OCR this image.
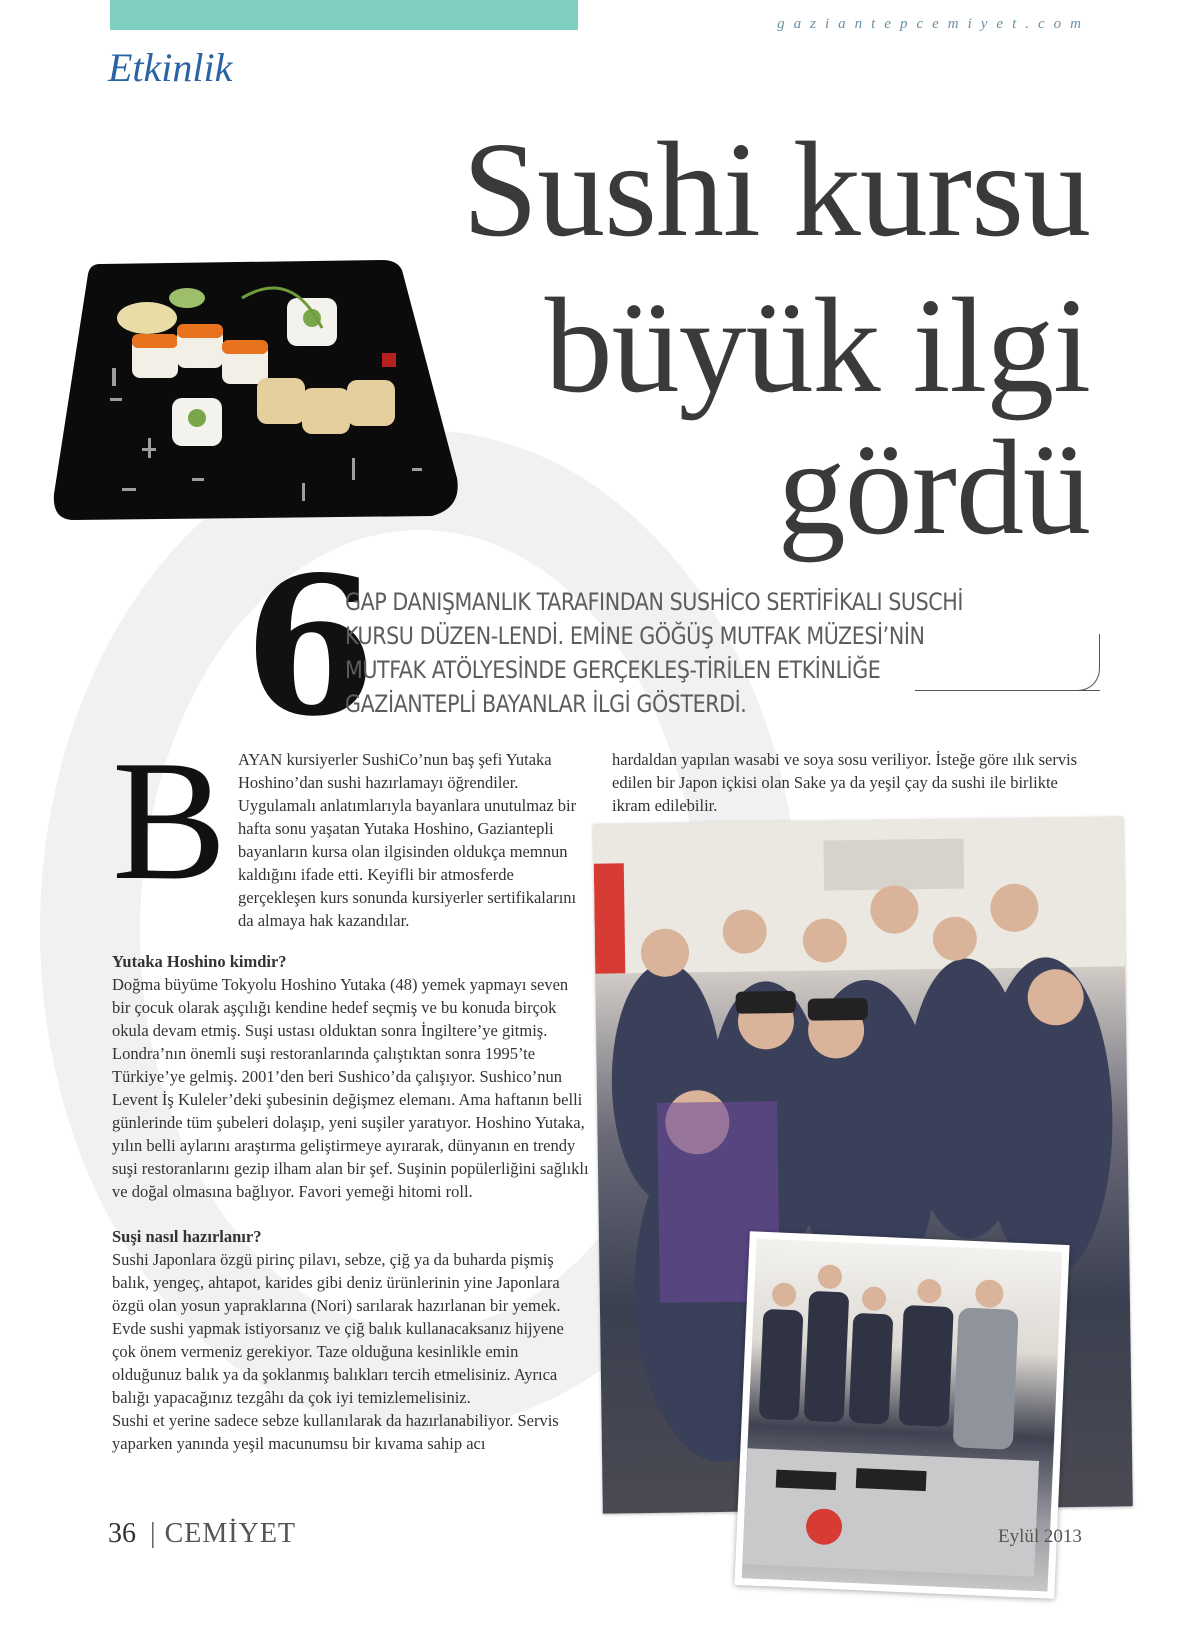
gaziantepcemiyet.com
Etkinlik
Sushi kursu
büyük ilgi
gördü
6
GAP DANIŞMANLIK TARAFINDAN SUSHİCO SERTİFİKALI SUSCHİ KURSU DÜZEN-LENDİ. EMİNE GÖĞÜŞ MUTFAK MÜZESİ’NİN MUTFAK ATÖLYESİNDE GERÇEKLEŞ-TİRİLEN ETKİNLİĞE GAZİANTEPLİ BAYANLAR İLGİ GÖSTERDİ.
B AYAN kursiyerler SushiCo’nun baş şefi Yutaka Hoshino’dan sushi hazırlamayı öğrendiler. Uygulamalı anlatımlarıyla bayanlara unutulmaz bir hafta sonu yaşatan Yutaka Hoshino, Gaziantepli bayanların kursa olan ilgisinden oldukça memnun kaldığını ifade etti. Keyifli bir atmosferde gerçekleşen kurs sonunda kursiyerler sertifikalarını da almaya hak kazandılar.
Yutaka Hoshino kimdir?

Doğma büyüme Tokyolu Hoshino Yutaka (48) yemek yapmayı seven bir çocuk olarak aşçılığı kendine hedef seçmiş ve bu konuda birçok okula devam etmiş. Suşi ustası olduktan sonra İngiltere’ye gitmiş. Londra’nın önemli suşi restoranlarında çalıştıktan sonra 1995’te Türkiye’ye gelmiş. 2001’den beri Sushico’da çalışıyor. Sushico’nun Levent İş Kuleler’deki şubesinin değişmez elemanı. Ama haftanın belli günlerinde tüm şubeleri dolaşıp, yeni suşiler yaratıyor. Hoshino Yutaka, yılın belli aylarını araştırma geliştirmeye ayırarak, dünyanın en trendy suşi restoranlarını gezip ilham alan bir şef. Suşinin popülerliğini sağlıklı ve doğal olmasına bağlıyor. Favori yemeği hitomi roll.

Suşi nasıl hazırlanır?

Sushi Japonlara özgü pirinç pilavı, sebze, çiğ ya da buharda pişmiş balık, yengeç, ahtapot, karides gibi deniz ürünlerinin yine Japonlara özgü olan yosun yapraklarına (Nori) sarılarak hazırlanan bir yemek.

Evde sushi yapmak istiyorsanız ve çiğ balık kullanacaksanız hijyene çok önem vermeniz gerekiyor. Taze olduğuna kesinlikle emin olduğunuz balık ya da şoklanmış balıkları tercih etmelisiniz. Ayrıca balığı yapacağınız tezgâhı da çok iyi temizlemelisiniz.

Sushi et yerine sadece sebze kullanılarak da hazırlanabiliyor. Servis yaparken yanında yeşil macunumsu bir kıvama sahip acı

hardaldan yapılan wasabi ve soya sosu veriliyor. İsteğe göre ılık servis edilen bir Japon içkisi olan Sake ya da yeşil çay da sushi ile birlikte ikram edilebilir.
36 | CEMİYET	Eylül 2013
